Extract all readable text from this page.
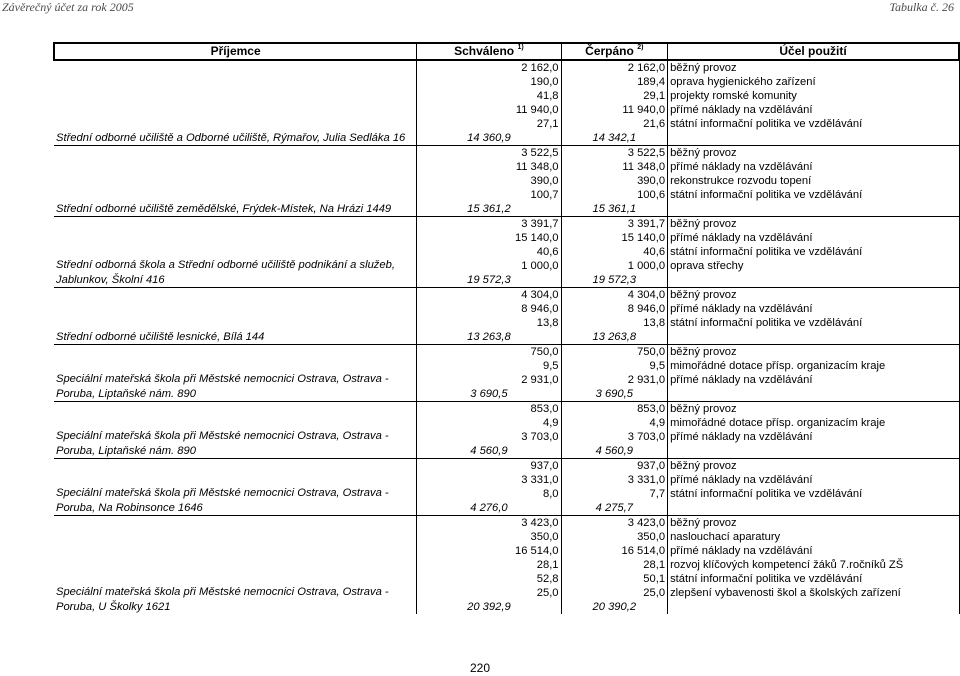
Závěrečný účet za rok 2005	Tabulka č. 26
Příjemce	Schváleno $^{1)}$	Čerpáno $^{2)}$	Účel použití

Střední odborné učiliště a Odborné učiliště, Rýmařov, Julia Sedláka 16	2 162,0	2 162,0	běžný provoz
	190,0	189,4	oprava hygienického zařízení
	41,8	29,1	projekty romské komunity
	11 940,0	11 940,0	přímé náklady na vzdělávání
	27,1	21,6	státní informační politika ve vzdělávání
	14 360,9	14 342,1	

Střední odborné učiliště zemědělské, Frýdek-Místek, Na Hrázi 1449	3 522,5	3 522,5	běžný provoz
	11 348,0	11 348,0	přímé náklady na vzdělávání
	390,0	390,0	rekonstrukce rozvodu topení
	100,7	100,6	státní informační politika ve vzdělávání
	15 361,2	15 361,1	

Střední odborná škola a Střední odborné učiliště podnikání a služeb, Jablunkov, Školní 416	3 391,7	3 391,7	běžný provoz
	15 140,0	15 140,0	přímé náklady na vzdělávání
	40,6	40,6	státní informační politika ve vzdělávání
	1 000,0	1 000,0	oprava střechy
	19 572,3	19 572,3	

Střední odborné učiliště lesnické, Bílá 144	4 304,0	4 304,0	běžný provoz
	8 946,0	8 946,0	přímé náklady na vzdělávání
	13,8	13,8	státní informační politika ve vzdělávání
	13 263,8	13 263,8	

Speciální mateřská škola při Městské nemocnici Ostrava, Ostrava - Poruba, Liptaňské nám. 890	750,0	750,0	běžný provoz
	9,5	9,5	mimořádné dotace přísp. organizacím kraje
	2 931,0	2 931,0	přímé náklady na vzdělávání
	3 690,5	3 690,5	

Speciální mateřská škola při Městské nemocnici Ostrava, Ostrava - Poruba, Liptaňské nám. 890	853,0	853,0	běžný provoz
	4,9	4,9	mimořádné dotace přísp. organizacím kraje
	3 703,0	3 703,0	přímé náklady na vzdělávání
	4 560,9	4 560,9	

Speciální mateřská škola při Městské nemocnici Ostrava, Ostrava - Poruba, Na Robinsonce 1646	937,0	937,0	běžný provoz
	3 331,0	3 331,0	přímé náklady na vzdělávání
	8,0	7,7	státní informační politika ve vzdělávání
	4 276,0	4 275,7	

Speciální mateřská škola při Městské nemocnici Ostrava, Ostrava - Poruba, U Školky 1621	3 423,0	3 423,0	běžný provoz
	350,0	350,0	naslouchací aparatury
	16 514,0	16 514,0	přímé náklady na vzdělávání
	28,1	28,1	rozvoj klíčových kompetencí žáků 7.ročníků ZŠ
	52,8	50,1	státní informační politika ve vzdělávání
	25,0	25,0	zlepšení vybavenosti škol a školských zařízení
	20 392,9	20 390,2	
220
